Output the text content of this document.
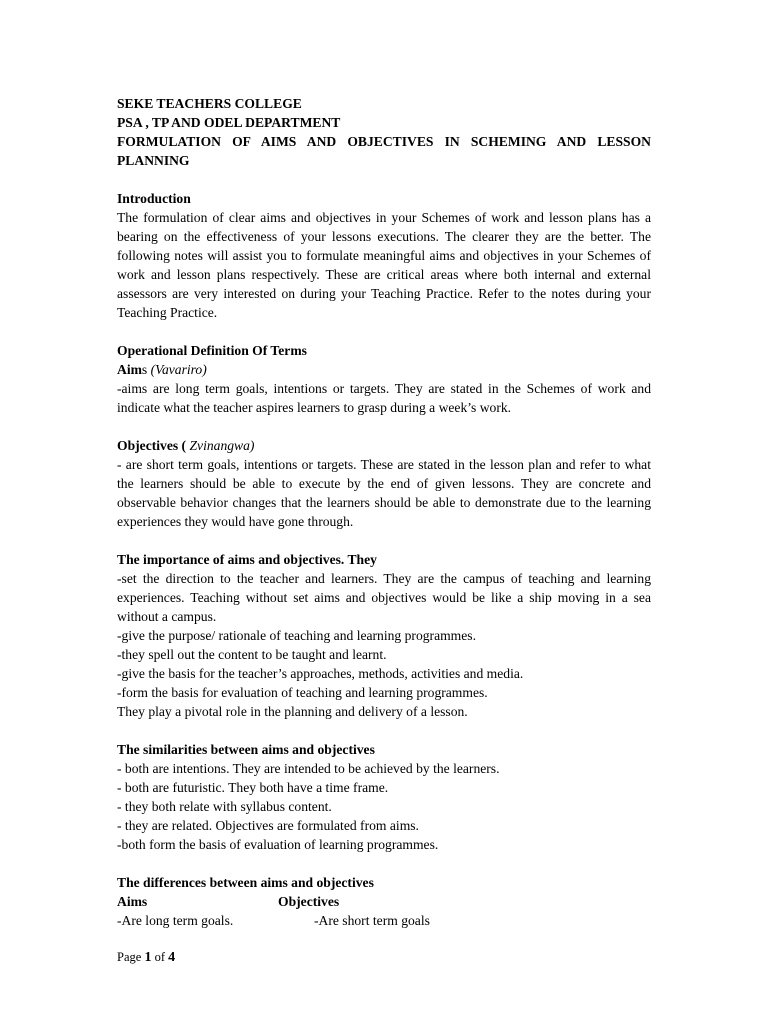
SEKE TEACHERS COLLEGE

PSA , TP AND ODEL DEPARTMENT

FORMULATION OF AIMS AND OBJECTIVES IN SCHEMING AND LESSON PLANNING

Introduction

The formulation of clear aims and objectives in your Schemes of work and lesson plans has a bearing on the effectiveness of your lessons executions. The clearer they are the better. The following notes will assist you to formulate meaningful aims and objectives in your Schemes of work and lesson plans respectively. These are critical areas where both internal and external assessors are very interested on during your Teaching Practice. Refer to the notes during your Teaching Practice.

Operational Definition Of Terms

Aims (Vavariro)

-aims are long term goals, intentions or targets. They are stated in the Schemes of work and indicate what the teacher aspires learners to grasp during a week’s work.

Objectives ( Zvinangwa)

- are short term goals, intentions or targets. These are stated in the lesson plan and refer to what the learners should be able to execute by the end of given lessons. They are concrete and observable behavior changes that the learners should be able to demonstrate due to the learning experiences they would have gone through.

The importance of aims and objectives. They

-set the direction to the teacher and learners. They are the campus of teaching and learning experiences. Teaching without set aims and objectives would be like a ship moving in a sea without a campus.

-give the purpose/ rationale of teaching and learning programmes.

-they spell out the content to be taught and learnt.

-give the basis for the teacher’s approaches, methods, activities and media.

-form the basis for evaluation of teaching and learning programmes.

They play a pivotal role in the planning and delivery of a lesson.

The similarities between aims and objectives

- both are intentions. They are intended to be achieved by the learners.

- both are futuristic. They both have a time frame.

- they both relate with syllabus content.

- they are related. Objectives are formulated from aims.

-both form the basis of evaluation of learning programmes.

The differences between aims and objectives

Aims	Objectives
-Are long term goals.	-Are short term goals
Page 1 of 4
